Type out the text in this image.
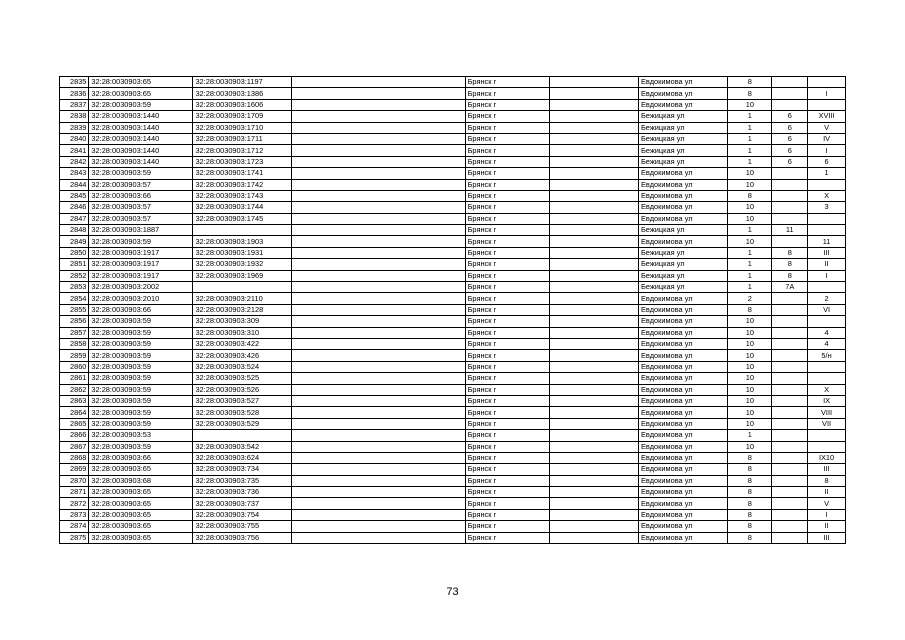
2835	32:28:0030903:65	32:28:0030903:1197		Брянск г		Евдокимова ул	8		
2836	32:28:0030903:65	32:28:0030903:1386		Брянск г		Евдокимова ул	8		I
2837	32:28:0030903:59	32:28:0030903:1606		Брянск г		Евдокимова ул	10		
2838	32:28:0030903:1440	32:28:0030903:1709		Брянск г		Бежицкая ул	1	6	XVIII
2839	32:28:0030903:1440	32:28:0030903:1710		Брянск г		Бежицкая ул	1	6	V
2840	32:28:0030903:1440	32:28:0030903:1711		Брянск г		Бежицкая ул	1	6	IV
2841	32:28:0030903:1440	32:28:0030903:1712		Брянск г		Бежицкая ул	1	6	I
2842	32:28:0030903:1440	32:28:0030903:1723		Брянск г		Бежицкая ул	1	6	6
2843	32:28:0030903:59	32:28:0030903:1741		Брянск г		Евдокимова ул	10		1
2844	32:28:0030903:57	32:28:0030903:1742		Брянск г		Евдокимова ул	10		
2845	32:28:0030903:66	32:28:0030903:1743		Брянск г		Евдокимова ул	8		X
2846	32:28:0030903:57	32:28:0030903:1744		Брянск г		Евдокимова ул	10		3
2847	32:28:0030903:57	32:28:0030903:1745		Брянск г		Евдокимова ул	10		
2848	32:28:0030903:1887			Брянск г		Бежицкая ул	1	11	
2849	32:28:0030903:59	32:28:0030903:1903		Брянск г		Евдокимова ул	10		11
2850	32:28:0030903:1917	32:28:0030903:1931		Брянск г		Бежицкая ул	1	8	III
2851	32:28:0030903:1917	32:28:0030903:1932		Брянск г		Бежицкая ул	1	8	II
2852	32:28:0030903:1917	32:28:0030903:1969		Брянск г		Бежицкая ул	1	8	I
2853	32:28:0030903:2002			Брянск г		Бежицкая ул	1	7А	
2854	32:28:0030903:2010	32:28:0030903:2110		Брянск г		Евдокимова ул	2		2
2855	32:28:0030903:66	32:28:0030903:2128		Брянск г		Евдокимова ул	8		VI
2856	32:28:0030903:59	32:28:0030903:309		Брянск г		Евдокимова ул	10		
2857	32:28:0030903:59	32:28:0030903:310		Брянск г		Евдокимова ул	10		4
2858	32:28:0030903:59	32:28:0030903:422		Брянск г		Евдокимова ул	10		4
2859	32:28:0030903:59	32:28:0030903:426		Брянск г		Евдокимова ул	10		5/н
2860	32:28:0030903:59	32:28:0030903:524		Брянск г		Евдокимова ул	10		
2861	32:28:0030903:59	32:28:0030903:525		Брянск г		Евдокимова ул	10		
2862	32:28:0030903:59	32:28:0030903:526		Брянск г		Евдокимова ул	10		X
2863	32:28:0030903:59	32:28:0030903:527		Брянск г		Евдокимова ул	10		IX
2864	32:28:0030903:59	32:28:0030903:528		Брянск г		Евдокимова ул	10		VIII
2865	32:28:0030903:59	32:28:0030903:529		Брянск г		Евдокимова ул	10		VII
2866	32:28:0030903:53			Брянск г		Евдокимова ул	1		
2867	32:28:0030903:59	32:28:0030903:542		Брянск г		Евдокимова ул	10		
2868	32:28:0030903:66	32:28:0030903:624		Брянск г		Евдокимова ул	8		IX10
2869	32:28:0030903:65	32:28:0030903:734		Брянск г		Евдокимова ул	8		III
2870	32:28:0030903:68	32:28:0030903:735		Брянск г		Евдокимова ул	8		8
2871	32:28:0030903:65	32:28:0030903:736		Брянск г		Евдокимова ул	8		II
2872	32:28:0030903:65	32:28:0030903:737		Брянск г		Евдокимова ул	8		V
2873	32:28:0030903:65	32:28:0030903:754		Брянск г		Евдокимова ул	8		I
2874	32:28:0030903:65	32:28:0030903:755		Брянск г		Евдокимова ул	8		II
2875	32:28:0030903:65	32:28:0030903:756		Брянск г		Евдокимова ул	8		III
73
